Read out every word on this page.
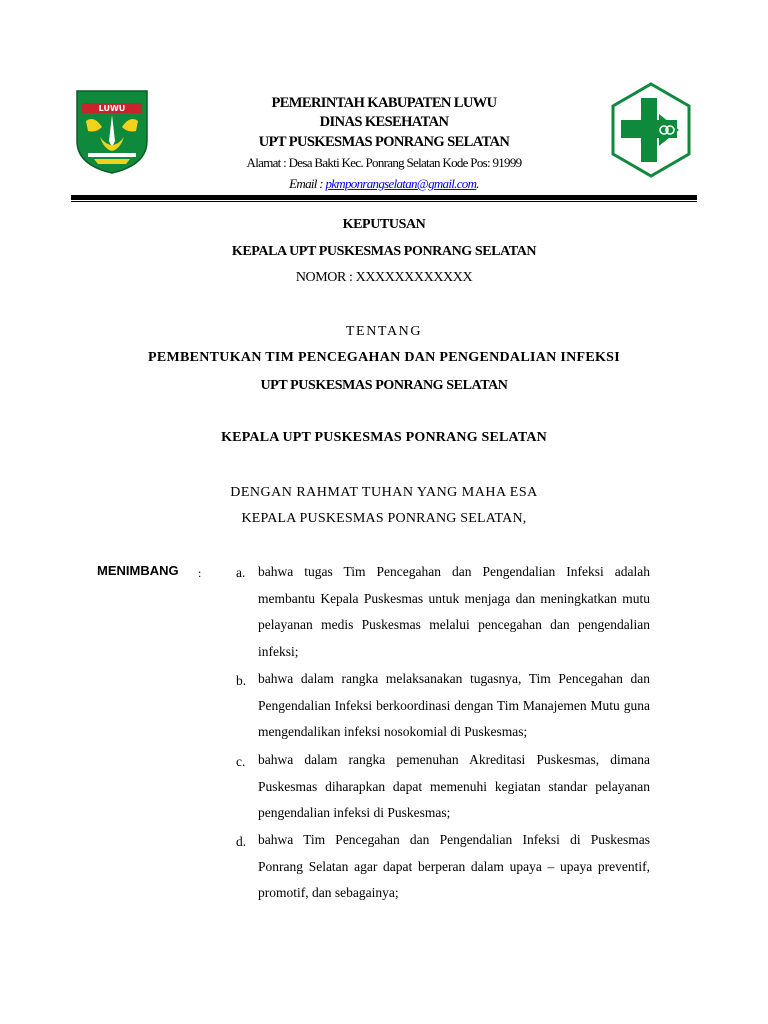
LUWU	PEMERINTAH KABUPATEN LUWU
DINAS KESEHATAN
UPT PUSKESMAS PONRANG SELATAN
Alamat : Desa Bakti Kec. Ponrang Selatan Kode Pos: 91999
Email : pkmponrangselatan@gmail.com.
KEPUTUSAN
KEPALA UPT PUSKESMAS PONRANG SELATAN
NOMOR : XXXXXXXXXXXX
TENTANG
PEMBENTUKAN TIM PENCEGAHAN DAN PENGENDALIAN INFEKSI
UPT PUSKESMAS PONRANG SELATAN
KEPALA UPT PUSKESMAS PONRANG SELATAN
DENGAN RAHMAT TUHAN YANG MAHA ESA
KEPALA PUSKESMAS PONRANG SELATAN,
MENIMBANG :	a. bahwa tugas Tim Pencegahan dan Pengendalian Infeksi adalah membantu Kepala Puskesmas untuk menjaga dan meningkatkan mutu pelayanan medis Puskesmas melalui pencegahan dan pengendalian infeksi;
b. bahwa dalam rangka melaksanakan tugasnya, Tim Pencegahan dan Pengendalian Infeksi berkoordinasi dengan Tim Manajemen Mutu guna mengendalikan infeksi nosokomial di Puskesmas;
c. bahwa dalam rangka pemenuhan Akreditasi Puskesmas, dimana Puskesmas diharapkan dapat memenuhi kegiatan standar pelayanan pengendalian infeksi di Puskesmas;
d. bahwa Tim Pencegahan dan Pengendalian Infeksi di Puskesmas Ponrang Selatan agar dapat berperan dalam upaya – upaya preventif, promotif, dan sebagainya;
